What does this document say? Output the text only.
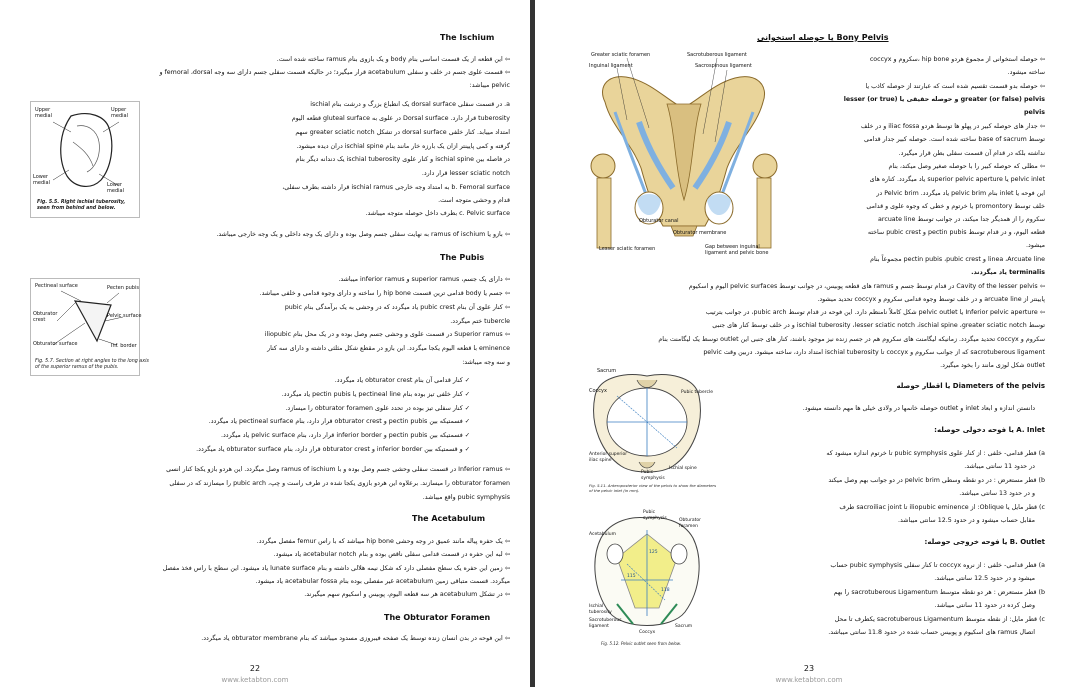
The Ischium
⇦ این قطعه از یک قسمت اساسی بنام body و یک بازوی بنام ramus ساخته شده است.
⇦ قسمت علوی جسم در خلف و سفلی acetabulum قرار میگیرد؛ در حالیکه قسمت سفلی جسم دارای سه وجه femoral ،dorsal و
pelvic میباشد:
a. در قسمت سفلی dorsal surface یک انطباع بزرگ و درشت بنام ischial
tuberosity قرار دارد. Dorsal surface در علوی به gluteal surface قطعه الیوم
امتداد مییابد. کنار خلفی dorsal surface در تشکل greater sciatic notch سهم
گرفته و کمی پایینتر ازان یک بارزه خار مانند بنام ischial spine دران دیده میشود.
در فاصله بین ischial spine و کنار علوی ischial tuberosity یک دندانه دیگر بنام
lesser sciatic notch قرار دارد.
b. Femoral surface به امتداد وجه خارجی ischial ramus قرار داشته بطرف سفلی،
قدام و وحشی متوجه است.
c. Pelvic surface بطرف داخل حوصله متوجه میباشد.
⇦ بازو یا ramus of ischium به نهایت سفلی جسم وصل بوده و دارای یک وجه داخلی و یک وجه خارجی میباشد.
Upper
medial
Upper
medial
Lower
medial	Lower
medial
Fig. 5.5. Right ischial tuberosity,
seen from behind and below.
The Pubis
⇦ دارای یک جسم، superior ramus و inferior ramus میباشد.
⇦ جسم یا body قدامی ترین قسمت hip bone را ساخته و دارای وجوه قدامی و خلفی میباشد.
⇦ کنار علوی آن بنام pubic crest یاد میگردد که در وحشی به یک برآمدگی بنام pubic
tubercle ختم میگردد.
⇦ Superior ramus در قسمت علوی و وحشی جسم وصل بوده و در یک محل بنام iliopubic
eminence با قطعه الیوم یکجا میگردد. این بازو در مقطع شکل مثلثی داشته و دارای سه کنار
و سه وجه میباشد:
✓ کنار قدامی آن بنام obturator crest یاد میگردد.
✓ کنار خلفی تیز بوده بنام pectineal line یا pectin pubis یاد میگردد.
✓ کنار سفلی تیز بوده در تحدد علوی obturator foramen را میسازد.
✓ فسمتیکه بین pectin pubis و obturator crest قرار دارد، بنام pectineal surface یاد میگردد.
✓ فسمتیکه بین pectin pubis و inferior border قرار دارد، بنام pelvic surface یاد میگردد.
✓ و قسمتیکه بین inferior border و obturator crest قرار دارد، بنام obturator surface یاد میگردد.
⇦ Inferior ramus در قسمت سفلی وحشی جسم وصل بوده و با ramus of ischium وصل میگردد. این هردو بازو یکجا کنار انسی
obturator foramen را میسازند. برعلاوه این هردو بازوی یکجا شده در طرف راست و چپ، pubic arch را میسازند که در سفلی
pubic symphysis واقع میباشد.
Pectineal surface	Pecten pubis
Obturator
crest
Pelvic surface
Obturator surface	Inf. border
Fig. 5.7. Section at right angles to the long axis
of the superior ramus of the pubis.
The Acetabulum
⇦ یک حفره پیاله مانند عمیق در وجه وحشی hip bone میباشد که با راس femur مفصل میگردد.
⇦ لبه این حفره در قسمت قدامی سفلی ناقص بوده و بنام acetabular notch یاد میشود.
⇦ زمین این حفره یک سطح مفصلی دارد که شکل نیمه هلالی داشته و بنام lunate surface یاد میشود. این سطح با راس فخذ مفصل
میگردد. قسمت متباقی زمین acetabulum غیر مفصلی بوده بنام acetabular fossa یاد میشود.
⇦ در تشکل acetabulum هر سه قطعه الیوم، پوبیس و اسکیوم سهم میگیرند.
The Obturator Foramen
⇦ این فوحه در بدن انسان زنده توسط یک صفحه فیبروزی مسدود میباشد که بنام obturator membrane یاد میگردد.
22
www.ketabton.com
Bony Pelvis یا حوصله استخوانی
Greater sciatic foramen
Inguinal ligament
Sacrotuberous ligament
Sacrospinous ligament
Obturator canal
Obturator membrane
Lesser sciatic foramen	Gap between inguinal
ligament and pelvic bone
⇦ حوصله استخوانی از مجموع هردو hip bone ،سکروم و coccyx
ساخته میشود.
⇦ حوصله بدو قسمت تقسیم شده است که عبارتند از حوصله کاذب یا
greater (or false) pelvis و حوصله حقیقی یا lesser (or true)
pelvis
⇦ جدار های حوصله کبیر در پهلو ها توسط هردو iliac fossa و در خلف
توسط base of sacrum ساخته شده است. حوصله کبیر جدار قدامی
نداشته بلکه در قدام آن قسمت سفلی بطن قرار میگیرد.
⇦ مطلی که حوصله کبیر را با حوصله صغیر وصل میکند، بنام
pelvic inlet یا superior pelvic aperture یاد میگردد. کناره های
این فوحه یا inlet بنام pelvic brim یاد میگردد. Pelvic brim در
خلف توسط promontory یا خرتوم و خطی که وجوه علوی و قدامی
سکروم را از همدیگر جدا میکند، در جوانب توسط arcuate line
قطعه الیوم، و در قدام توسط pectin pubis و pubic crest ساخته
میشود.
linea ،Arcuate line و pectin pubis ،pubic crest مجموعاً بنام
terminalis یاد میگردند.
⇦ Cavity of the lesser pelvis در قدام توسط جسم و ramus های قطعه پوبیس، در جوانب توسط pelvic surfaces الیوم و اسکیوم
پایینتر از arcuate line و در خلف توسط وجوه قدامی سکروم و coccyx تحدید میشود.
⇦ Inferior pelvic aperture یا pelvic outlet شکل کاملاً نامنظم دارد. این فوحه در قدام توسط pubic arch، در جوانب بترتیب
توسط ischial tuberosity ،lesser sciatic notch ،ischial spine ،greater sciatic notch و در خلف توسط کنار های جنبی
سکروم و coccyx تحدید میگردد. زمانیکه لیگامنت های سکروم هم در جسم زنده نیز موجود باشند، کنار های جنبی این outlet توسط یک لیگامنت بنام
sacrotuberous ligament که از جوانب سکروم و coccyx تا ischial tuberosity امتداد دارد، ساخته میشود. دربین وقت pelvic
outlet شکل لوزی مانند را بخود میگیرد.
Diameters of the pelvis یا اقطار حوصله
دانستن اندازه و ابعاد inlet و outlet حوصله خانمها در ولادی خیلی ها مهم دانسته میشود.
A. Inlet یا فوحه دخولی حوصله:
a) قطر قدامی- خلفی : از کنار علوی pubic symphysis تا خرتوم اندازه میشود که
در حدود 11 سانتی میباشد.
b) قطر مستعرض : در دو نقطه وسطی pelvic brim در دو جوانب بهم وصل میکند
و در حدود 13 سانتی میباشد.
c) قطر مایل یا Oblique: از iliopubic eminence تا sacroiliac joint طرف
مقابل حساب میشود و در حدود 12.5 سانتی میباشد.
B. Outlet یا فوحه خروجی حوصله:
a) قطر قدامی- خلفی : از نروه coccyx تا کنار سفلی pubic symphysis حساب
میشود و در حدود 12.5 سانتی میباشد.
b) قطر مستعرض : هر دو نقطه متوسط sacrotuberous Ligamentum را بهم
وصل کرده در حدود 11 سانتی میباشد.
c) قطر مایل: از نقطه متوسط sacrotuberous Ligamentum یکطرف تا محل
اتصال ramus های اسکیوم و پوبیس حساب شده در حدود 11.8 سانتی میباشد.
Sacrum
Coccyx	Pubic tubercle
Anterior superior
iliac spine
Ischial spine
Pubic
symphysis
Fig. 5.11. Anteroposterior view of the pelvis to show the diameters
of the pelvic inlet (in mm).
Pubic
symphysis	Obturator
foramen
Acetabulum
125
115
118
Ischial
tuberosity
Sacrotuberous
ligament	Sacrum
Coccyx
Fig. 5.12. Pelvic outlet seen from below.
23
www.ketabton.com
